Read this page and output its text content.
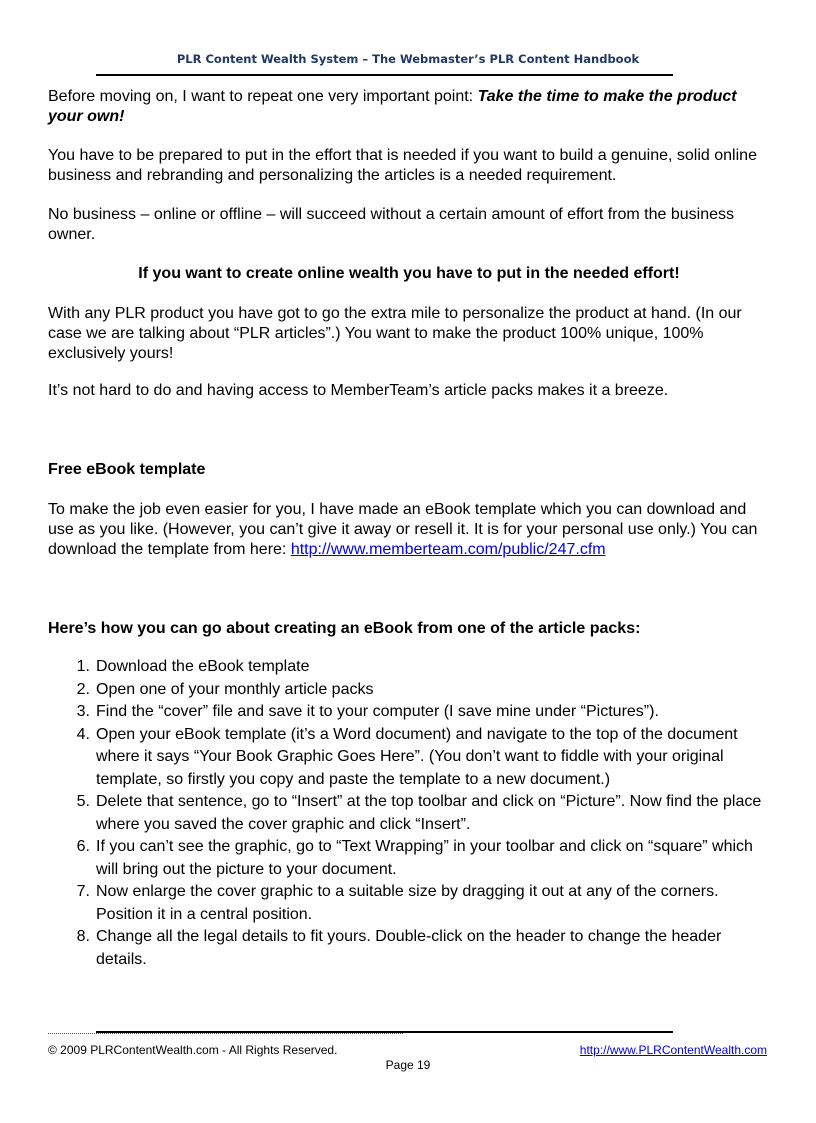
PLR Content Wealth System – The Webmaster’s PLR Content Handbook

Before moving on, I want to repeat one very important point: Take the time to make the product your own!

You have to be prepared to put in the effort that is needed if you want to build a genuine, solid online business and rebranding and personalizing the articles is a needed requirement.

No business – online or offline – will succeed without a certain amount of effort from the business owner.

If you want to create online wealth you have to put in the needed effort!

With any PLR product you have got to go the extra mile to personalize the product at hand. (In our case we are talking about “PLR articles”.) You want to make the product 100% unique, 100% exclusively yours!

It’s not hard to do and having access to MemberTeam’s article packs makes it a breeze.

Free eBook template

To make the job even easier for you, I have made an eBook template which you can download and use as you like. (However, you can’t give it away or resell it. It is for your personal use only.) You can download the template from here: http://www.memberteam.com/public/247.cfm

Here’s how you can go about creating an eBook from one of the article packs:
1. Download the eBook template
2. Open one of your monthly article packs
3. Find the “cover” file and save it to your computer (I save mine under “Pictures”).
4. Open your eBook template (it’s a Word document) and navigate to the top of the document where it says “Your Book Graphic Goes Here”. (You don’t want to fiddle with your original template, so firstly you copy and paste the template to a new document.)
5. Delete that sentence, go to “Insert” at the top toolbar and click on “Picture”. Now find the place where you saved the cover graphic and click “Insert”.
6. If you can’t see the graphic, go to “Text Wrapping” in your toolbar and click on “square” which will bring out the picture to your document.
7. Now enlarge the cover graphic to a suitable size by dragging it out at any of the corners. Position it in a central position.
8. Change all the legal details to fit yours. Double-click on the header to change the header details.
© 2009 PLRContentWealth.com - All Rights Reserved.	http://www.PLRContentWealth.com
Page 19
